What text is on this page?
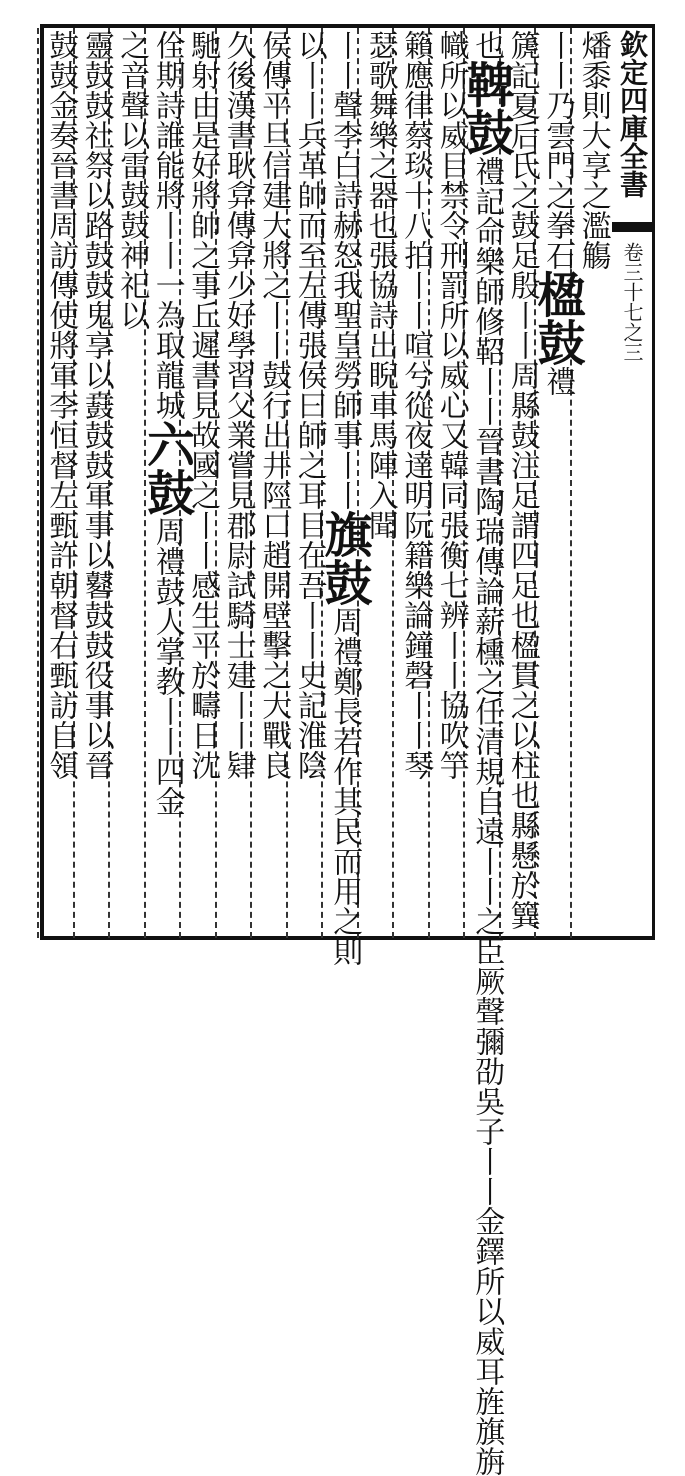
欽定四庫全書
卷三十七之三
燔黍則大享之濫觴
丨丨乃雲門之拳石
楹鼓
禮
篪
記夏后氏之鼓足殷丨丨周縣鼓注足謂四足也楹貫之以柱也縣懸於簨
也
鞞鼓
禮記命樂師修鞀丨丨晉書陶瑞傳論薪櫄之任清規自遠丨丨之臣厥聲彌劭吳子丨丨金鐸所以威耳旌旗旃
幟所以威目禁令刑罰所以威心又韓同張衡七辨丨丨協吹竽
籟應律蔡琰十八拍丨丨喧兮從夜達明阮籍樂論鐘磬丨丨琴
瑟歌舞樂之器也張協詩出睨車馬陣入聞
丨丨聲李白詩赫怒我聖皇勞師事丨丨
旗鼓
周禮鄭長若作其民而用之則
以丨丨兵革帥而至左傳張侯曰師之耳目在吾丨丨史記淮陰
侯傳平旦信建大將之丨丨鼓行出井陘口趙開壁擊之大戰良
久後漢書耿弇傳弇少好學習父業嘗見郡尉試騎士建丨丨肄
馳射由是好將帥之事丘遲書見故國之丨丨感生平於疇日沈
佺期詩誰能將丨丨一為取龍城
六鼓
周禮鼓人掌教丨丨四金
之音聲以雷鼓鼓神祀以
靈鼓鼓社祭以路鼓鼓鬼享以鼖鼓鼓軍事以鼛鼓鼓役事以晉
鼓鼓金奏晉書周訪傳使將軍李恒督左甄許朝督右甄訪自領
